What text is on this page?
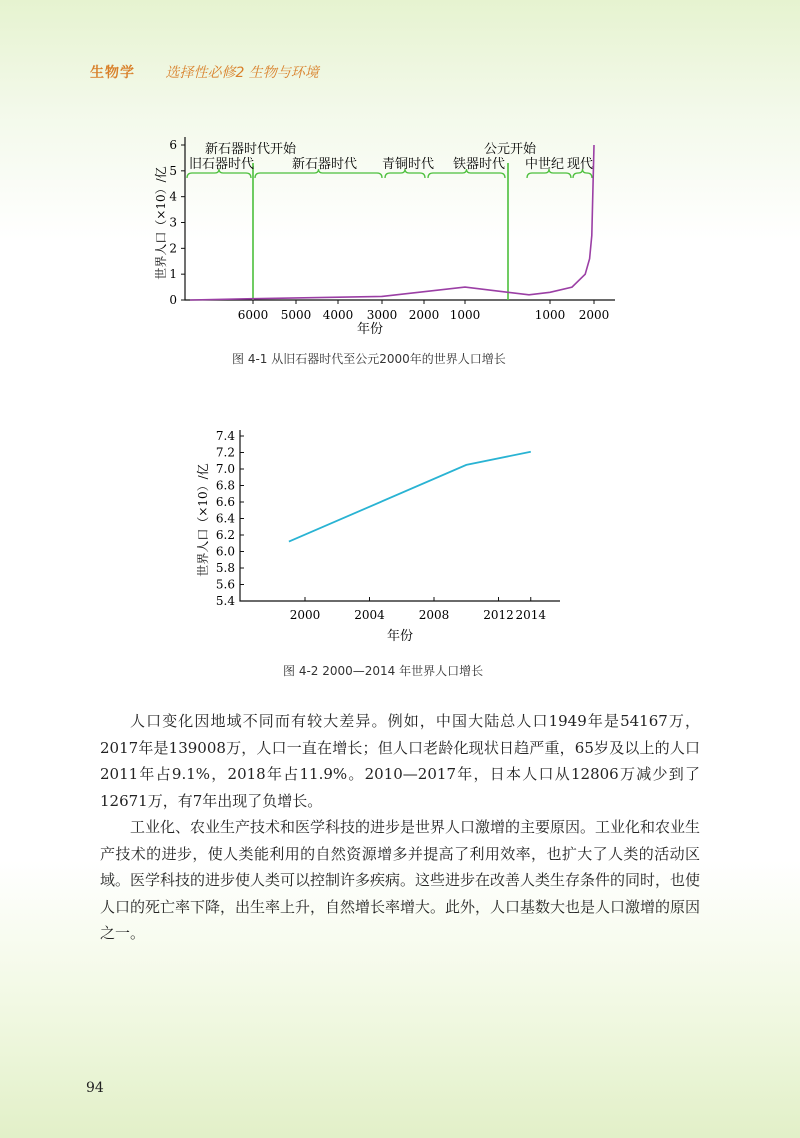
生物学 选择性必修2 生物与环境
0
1
2
3
4
5
6
6000 5000 4000 3000 2000 1000	1000 2000
新石器时代开始	公元开始
旧石器时代	新石器时代 青铜时代 铁器时代 中世纪 现代
世界人口（×10）/亿
年份
图 4-1 从旧石器时代至公元2000年的世界人口增长
5.4
5.6
5.8
6.0
6.2
6.4
6.6
6.8
7.0
7.2
7.4
2000	2004	2008	2012 2014
世界人口（×10）/亿
年份
图 4-2 2000—2014 年世界人口增长

人口变化因地域不同而有较大差异。例如，中国大陆总人口1949年是54167万，2017年是139008万，人口一直在增长；但人口老龄化现状日趋严重，65岁及以上的人口2011年占9.1%，2018年占11.9%。2010—2017年，日本人口从12806万减少到了12671万，有7年出现了负增长。

工业化、农业生产技术和医学科技的进步是世界人口激增的主要原因。工业化和农业生产技术的进步，使人类能利用的自然资源增多并提高了利用效率，也扩大了人类的活动区域。医学科技的进步使人类可以控制许多疾病。这些进步在改善人类生存条件的同时，也使人口的死亡率下降，出生率上升，自然增长率增大。此外，人口基数大也是人口激增的原因之一。

94
